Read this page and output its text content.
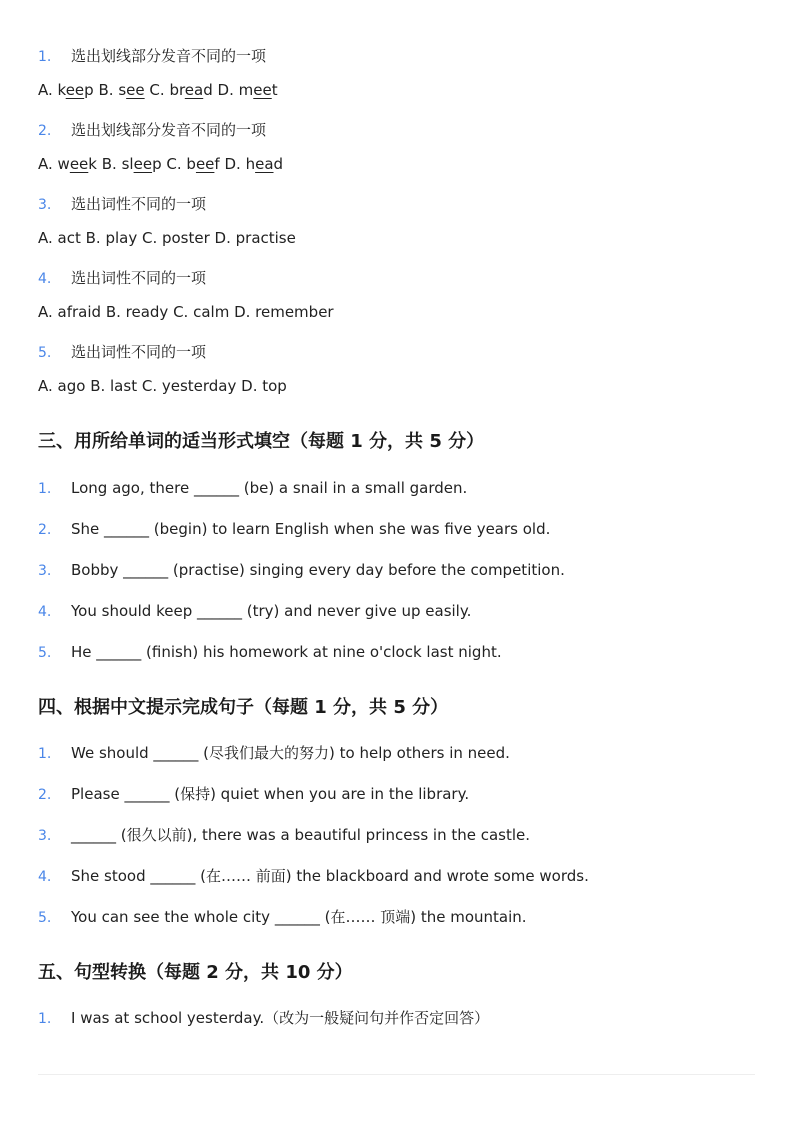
1. 选出划线部分发音不同的一项
A. keep B. see C. bread D. meet
2. 选出划线部分发音不同的一项
A. week B. sleep C. beef D. head
3. 选出词性不同的一项
A. act B. play C. poster D. practise
4. 选出词性不同的一项
A. afraid B. ready C. calm D. remember
5. 选出词性不同的一项
A. ago B. last C. yesterday D. top
三、用所给单词的适当形式填空（每题 1 分，共 5 分）
1. Long ago, there ______ (be) a snail in a small garden.
2. She ______ (begin) to learn English when she was five years old.
3. Bobby ______ (practise) singing every day before the competition.
4. You should keep ______ (try) and never give up easily.
5. He ______ (finish) his homework at nine o'clock last night.
四、根据中文提示完成句子（每题 1 分，共 5 分）
1. We should ______ (尽我们最大的努力) to help others in need.
2. Please ______ (保持) quiet when you are in the library.
3. ______ (很久以前), there was a beautiful princess in the castle.
4. She stood ______ (在…… 前面) the blackboard and wrote some words.
5. You can see the whole city ______ (在…… 顶端) the mountain.
五、句型转换（每题 2 分，共 10 分）
1. I was at school yesterday.（改为一般疑问句并作否定回答）
